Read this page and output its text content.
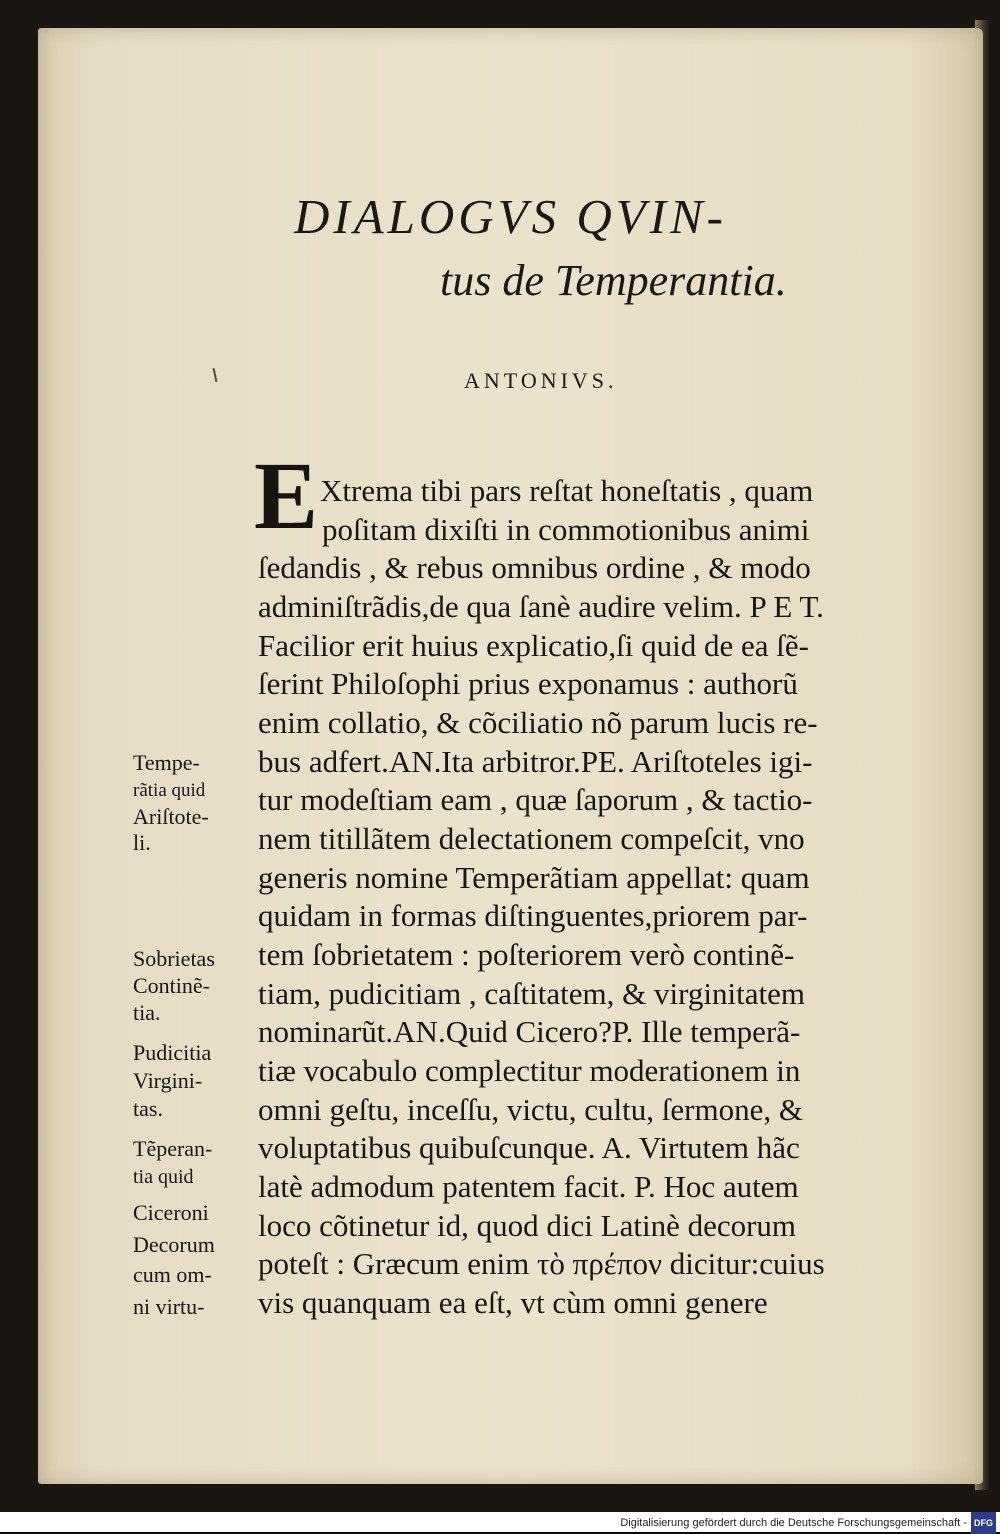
DIALOGVS QVIN-
tus de Temperantia.
ANTONIVS.
E Xtrema tibi pars reſtat honeſtatis , quam
poſitam dixiſti in commotionibus animi
ſedandis , & rebus omnibus ordine , & modo
adminiſtrãdis,de qua ſanè audire velim. P E T.
Facilior erit huius explicatio,ſi quid de ea ſẽ-
ſerint Philoſophi prius exponamus : authorũ
enim collatio, & cõciliatio nõ parum lucis re-
bus adfert.AN.Ita arbitror.PE. Ariſtoteles igi-
tur modeſtiam eam , quæ ſaporum , & tactio-
nem titillãtem delectationem compeſcit, vno
generis nomine Temperãtiam appellat: quam
quidam in formas diſtinguentes,priorem par-
tem ſobrietatem : poſteriorem verò continẽ-
tiam, pudicitiam , caſtitatem, & virginitatem
nominarũt.AN.Quid Cicero?P. Ille temperã-
tiæ vocabulo complectitur moderationem in
omni geſtu, inceſſu, victu, cultu, ſermone, &
voluptatibus quibuſcunque. A. Virtutem hãc
latè admodum patentem facit. P. Hoc autem
loco cõtinetur id, quod dici Latinè decorum
poteſt : Græcum enim τὸ πρέπον dicitur:cuius
vis quanquam ea eſt, vt cùm omni genere
Tempe-
rãtia quid
Ariſtote-
li.
Sobrietas
Continẽ-
tia.
Pudicitia
Virgini-
tas.
Tẽperan-
tia quid
Ciceroni
Decorum
cum om-
ni virtu-
Digitalisierung gefördert durch die Deutsche Forschungsgemeinschaft - DFG
